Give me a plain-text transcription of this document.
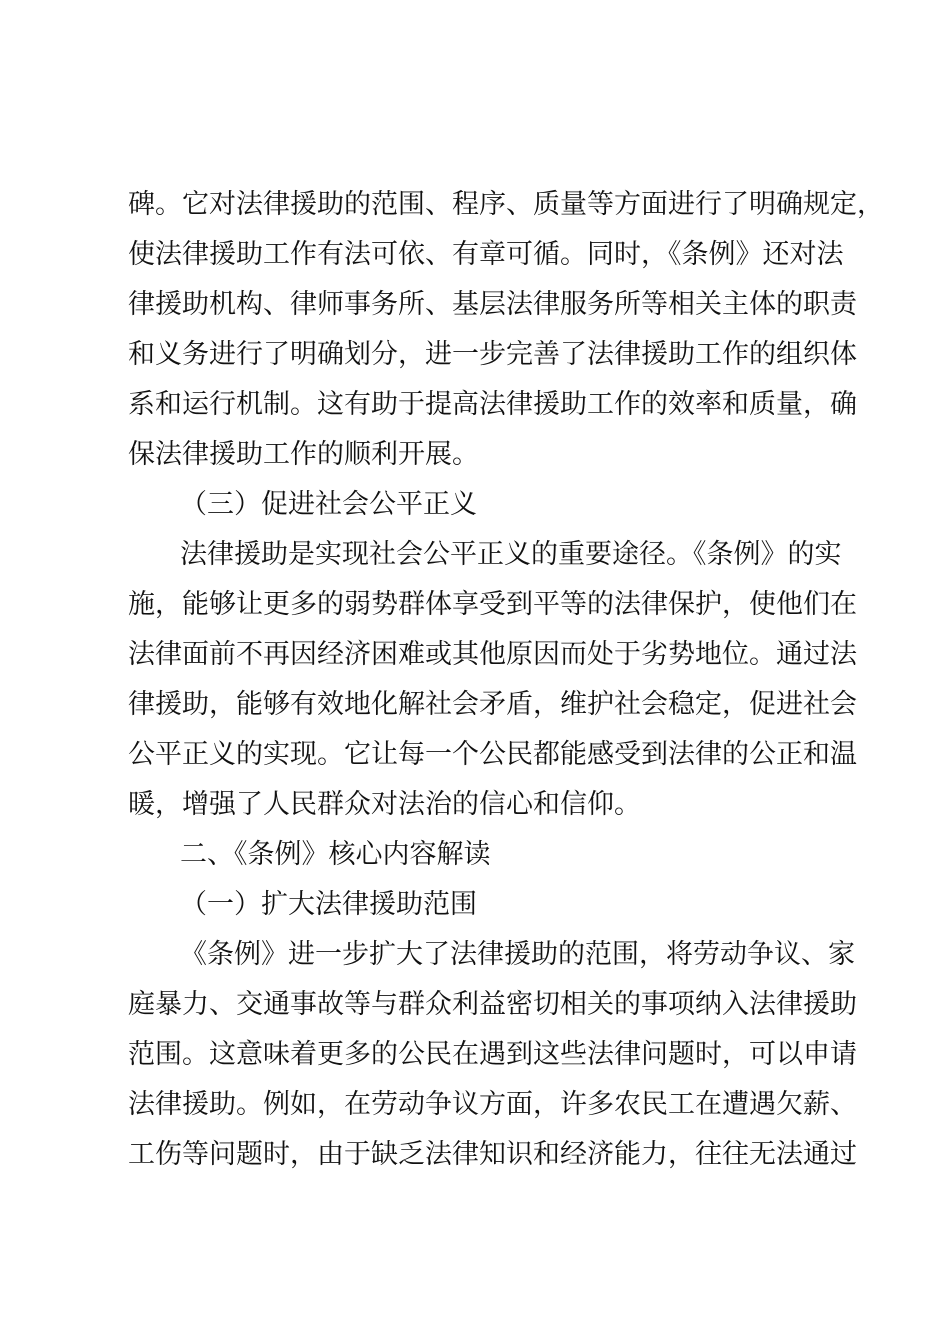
碑。它对法律援助的范围、程序、质量等方面进行了明确规定，

使法律援助工作有法可依、有章可循。同时，《条例》还对法

律援助机构、律师事务所、基层法律服务所等相关主体的职责

和义务进行了明确划分，进一步完善了法律援助工作的组织体

系和运行机制。这有助于提高法律援助工作的效率和质量，确

保法律援助工作的顺利开展。

（三）促进社会公平正义

法律援助是实现社会公平正义的重要途径。《条例》的实

施，能够让更多的弱势群体享受到平等的法律保护，使他们在

法律面前不再因经济困难或其他原因而处于劣势地位。通过法

律援助，能够有效地化解社会矛盾，维护社会稳定，促进社会

公平正义的实现。它让每一个公民都能感受到法律的公正和温

暖，增强了人民群众对法治的信心和信仰。

二、《条例》核心内容解读

（一）扩大法律援助范围

《条例》进一步扩大了法律援助的范围，将劳动争议、家

庭暴力、交通事故等与群众利益密切相关的事项纳入法律援助

范围。这意味着更多的公民在遇到这些法律问题时，可以申请

法律援助。例如，在劳动争议方面，许多农民工在遭遇欠薪、

工伤等问题时，由于缺乏法律知识和经济能力，往往无法通过
